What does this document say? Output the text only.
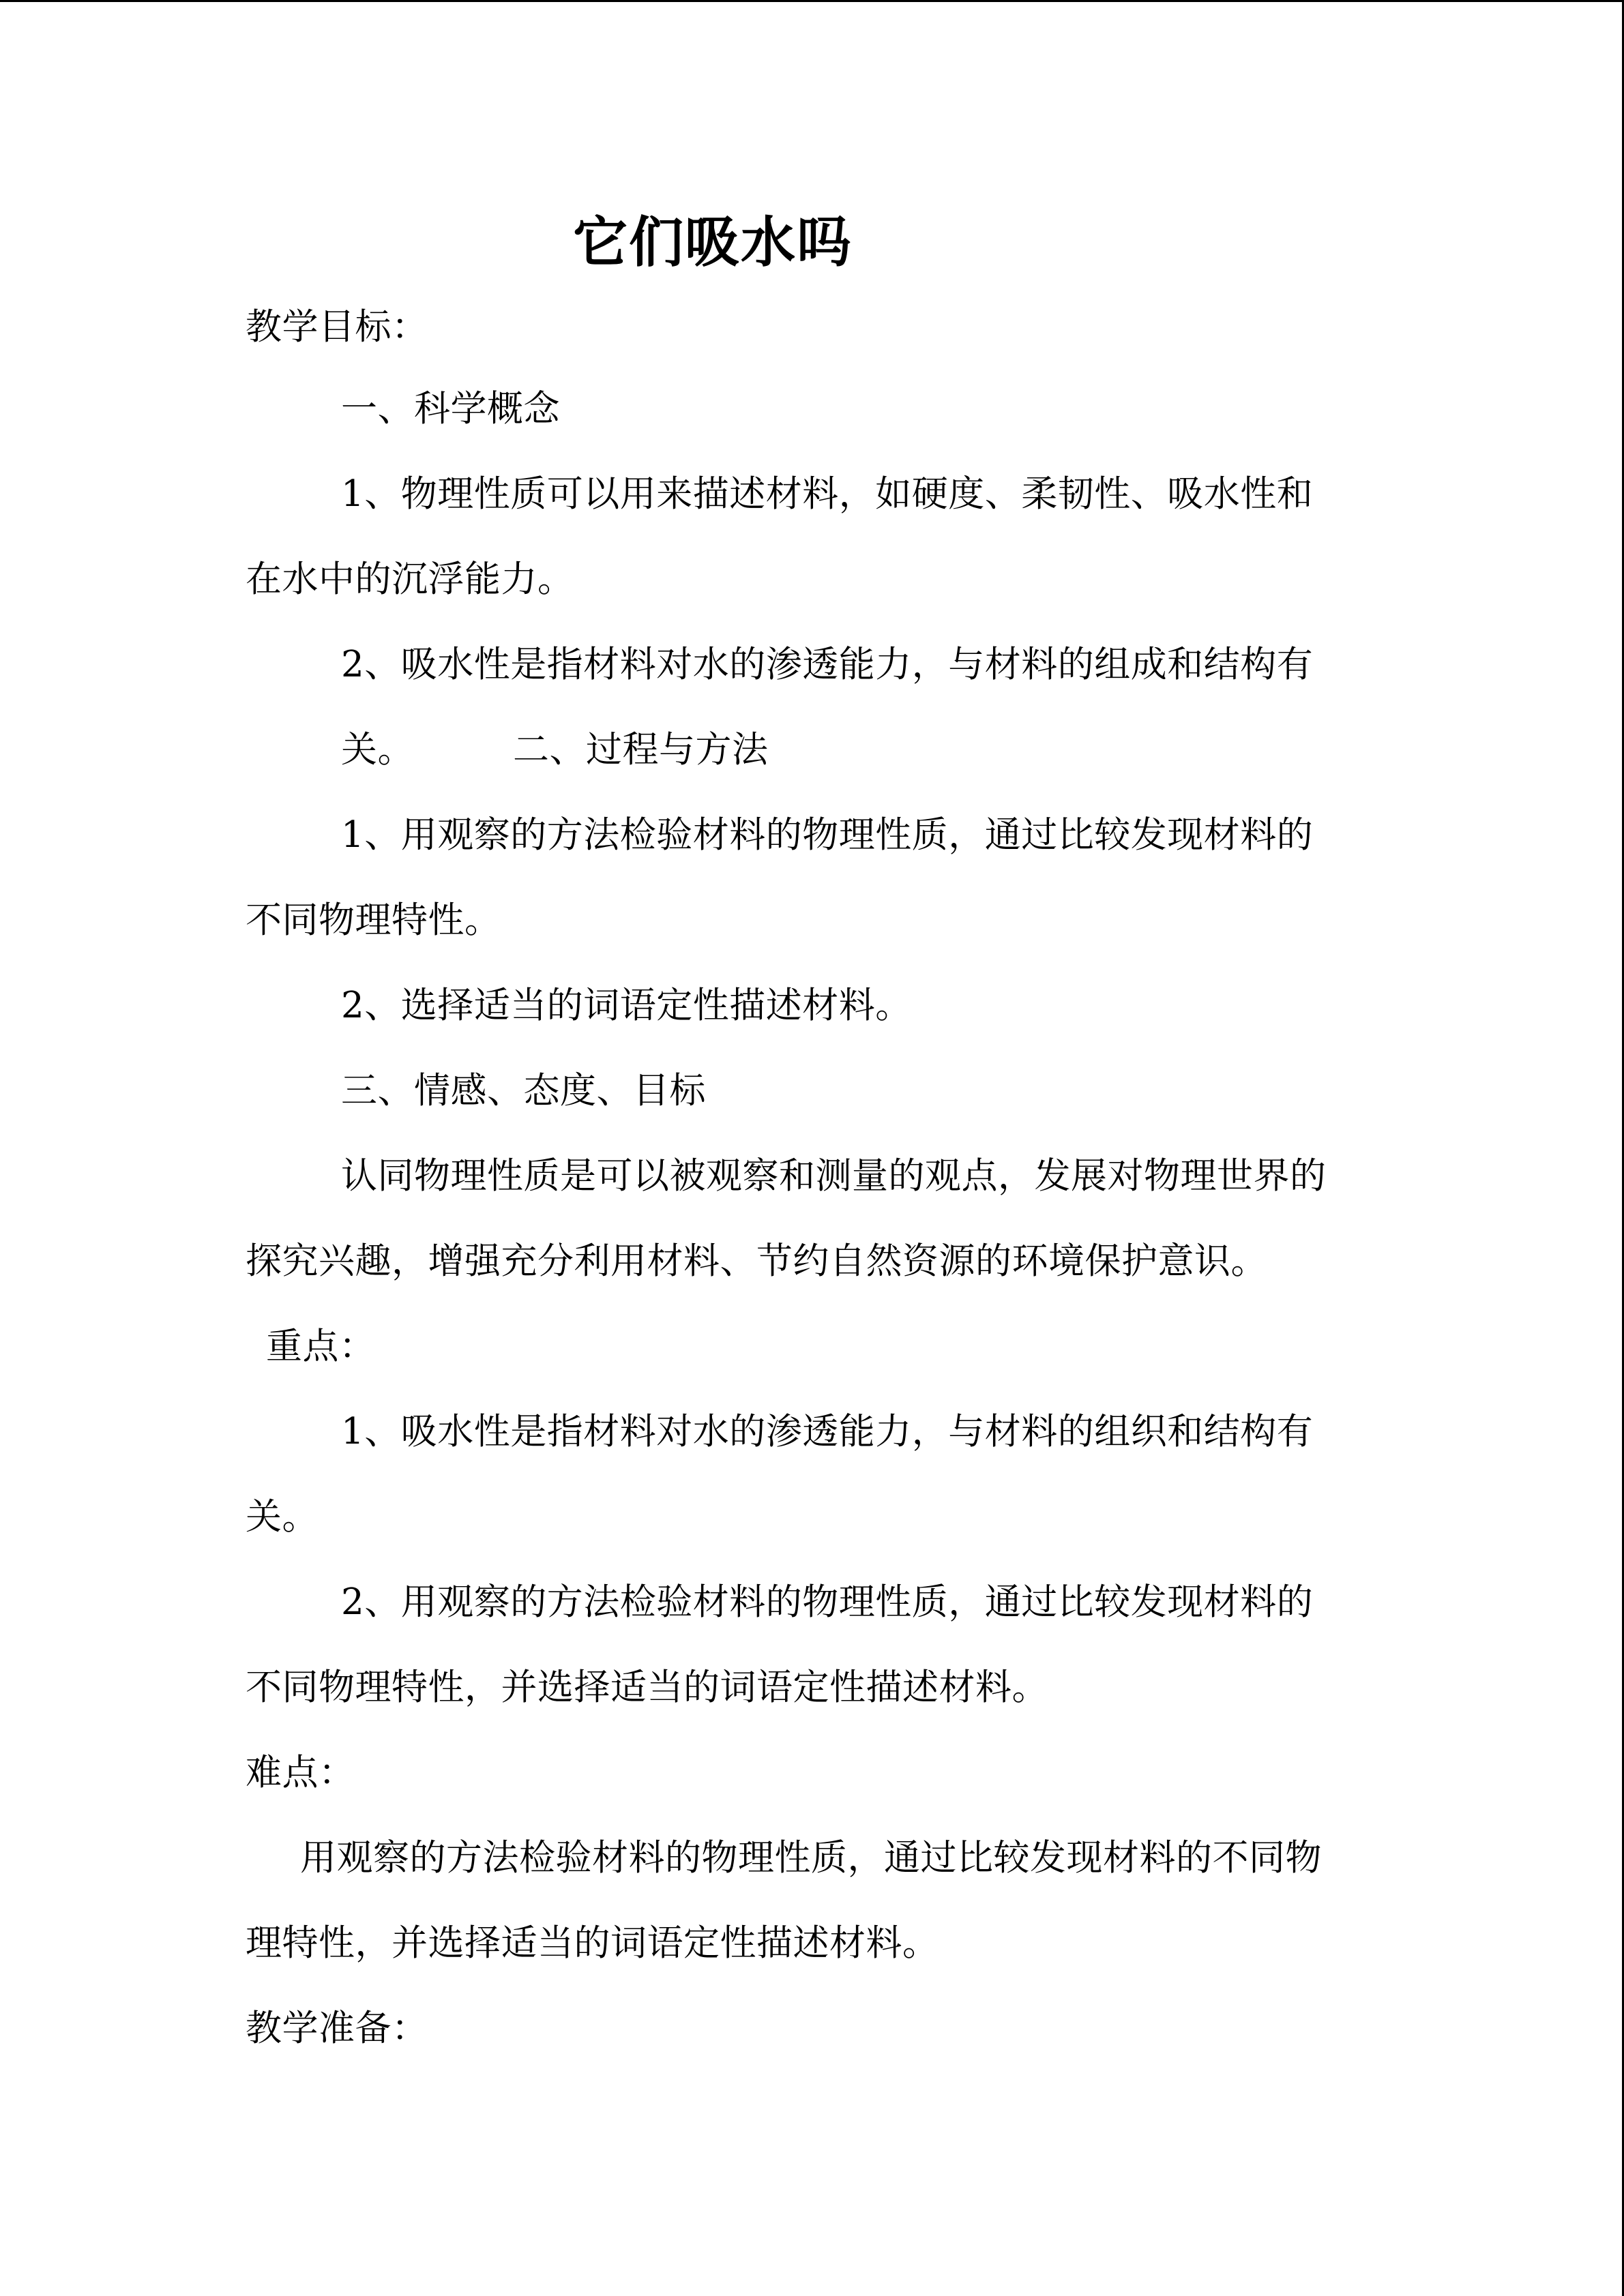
它们吸水吗
教学目标：
一、科学概念
1、物理性质可以用来描述材料，如硬度、柔韧性、吸水性和
在水中的沉浮能力。
2、吸水性是指材料对水的渗透能力，与材料的组成和结构有
关。	二、过程与方法
1、用观察的方法检验材料的物理性质，通过比较发现材料的
不同物理特性。
2、选择适当的词语定性描述材料。
三、情感、态度、目标
认同物理性质是可以被观察和测量的观点，发展对物理世界的
探究兴趣，增强充分利用材料、节约自然资源的环境保护意识。
重点：
1、吸水性是指材料对水的渗透能力，与材料的组织和结构有
关。
2、用观察的方法检验材料的物理性质，通过比较发现材料的
不同物理特性，并选择适当的词语定性描述材料。
难点：
用观察的方法检验材料的物理性质，通过比较发现材料的不同物
理特性，并选择适当的词语定性描述材料。
教学准备：
